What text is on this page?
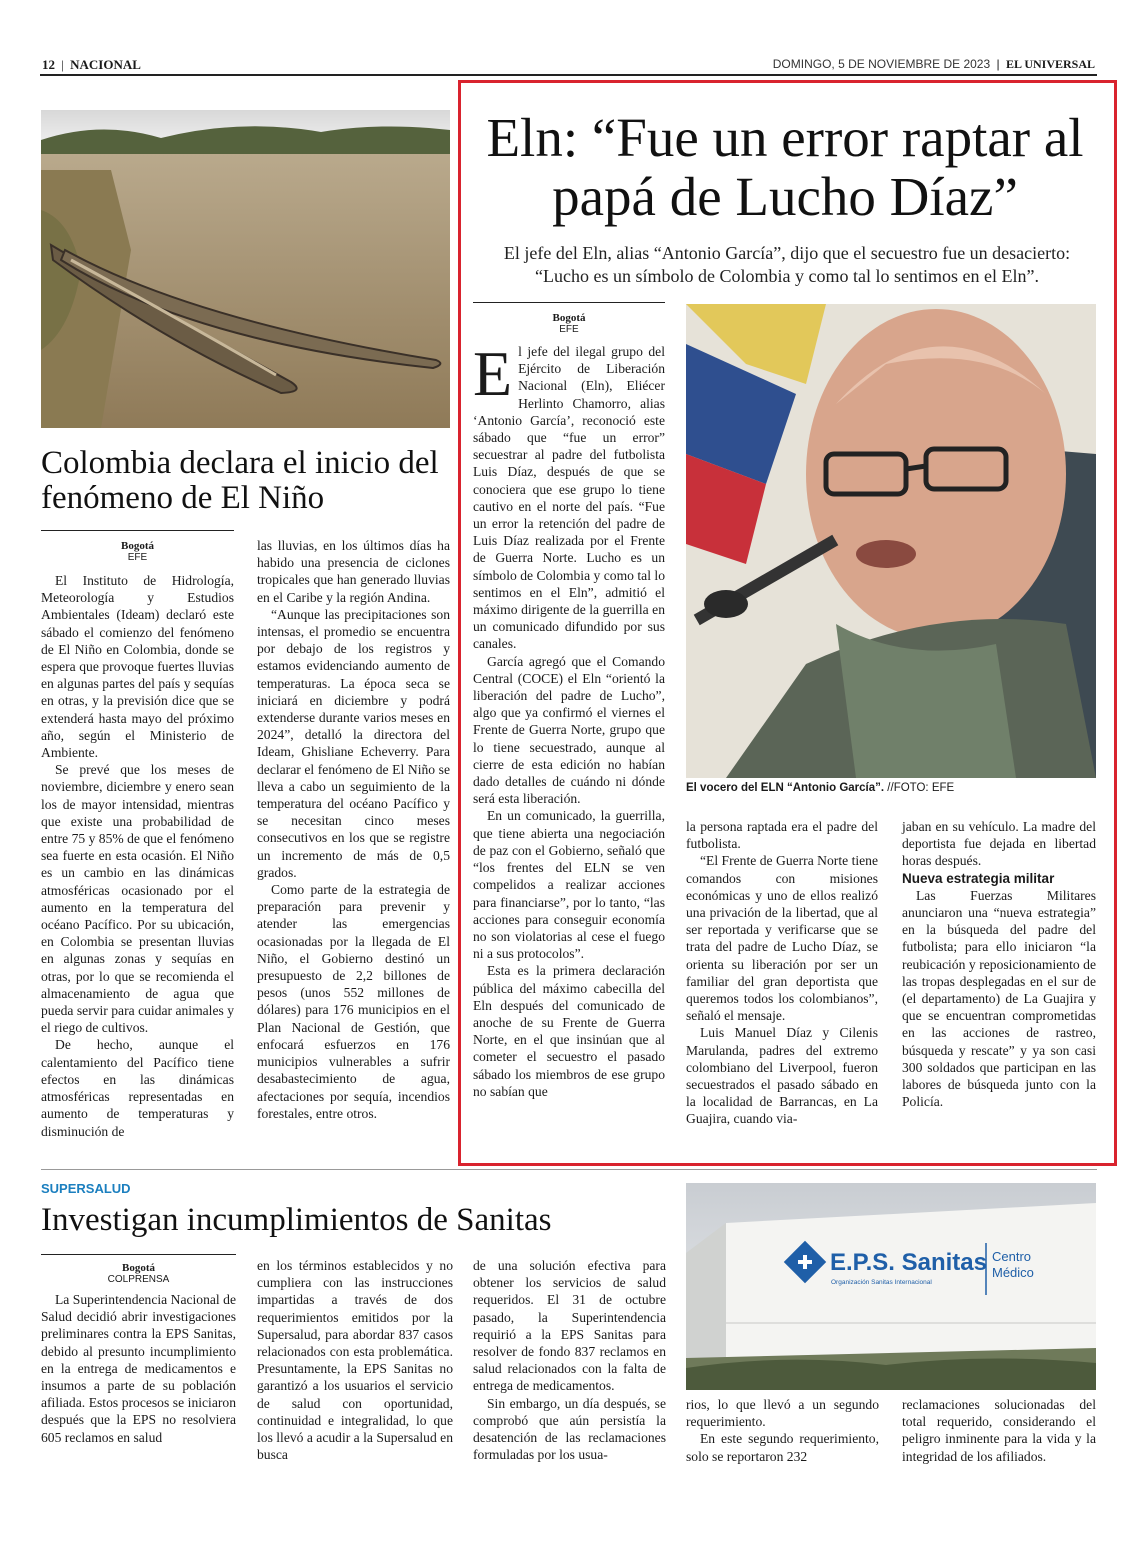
12 | NACIONAL	DOMINGO, 5 DE NOVIEMBRE DE 2023 | EL UNIVERSAL
Colombia declara el inicio del fenómeno de El Niño
Bogotá
EFE

El Instituto de Hidrología, Meteorología y Estudios Ambientales (Ideam) declaró este sábado el comienzo del fenómeno de El Niño en Colombia, donde se espera que provoque fuertes lluvias en algunas partes del país y sequías en otras, y la previsión dice que se extenderá hasta mayo del próximo año, según el Ministerio de Ambiente.

Se prevé que los meses de noviembre, diciembre y enero sean los de mayor intensidad, mientras que existe una probabilidad de entre 75 y 85% de que el fenómeno sea fuerte en esta ocasión. El Niño es un cambio en las dinámicas atmosféricas ocasionado por el aumento en la temperatura del océano Pacífico. Por su ubicación, en Colombia se presentan lluvias en algunas zonas y sequías en otras, por lo que se recomienda el almacenamiento de agua que pueda servir para cuidar animales y el riego de cultivos.

De hecho, aunque el calentamiento del Pacífico tiene efectos en las dinámicas atmosféricas representadas en aumento de temperaturas y disminución de

las lluvias, en los últimos días ha habido una presencia de ciclones tropicales que han generado lluvias en el Caribe y la región Andina.

“Aunque las precipitaciones son intensas, el promedio se encuentra por debajo de los registros y estamos evidenciando aumento de temperaturas. La época seca se iniciará en diciembre y podrá extenderse durante varios meses en 2024”, detalló la directora del Ideam, Ghisliane Echeverry. Para declarar el fenómeno de El Niño se lleva a cabo un seguimiento de la temperatura del océano Pacífico y se necesitan cinco meses consecutivos en los que se registre un incremento de más de 0,5 grados.

Como parte de la estrategia de preparación para prevenir y atender las emergencias ocasionadas por la llegada de El Niño, el Gobierno destinó un presupuesto de 2,2 billones de pesos (unos 552 millones de dólares) para 176 municipios en el Plan Nacional de Gestión, que enfocará esfuerzos en 176 municipios vulnerables a sufrir desabastecimiento de agua, afectaciones por sequía, incendios forestales, entre otros.

Eln: “Fue un error raptar al papá de Lucho Díaz”
El jefe del Eln, alias “Antonio García”, dijo que el secuestro fue un desacierto: “Lucho es un símbolo de Colombia y como tal lo sentimos en el Eln”.
Bogotá
EFE

El jefe del ilegal grupo del Ejército de Liberación Nacional (Eln), Eliécer Herlinto Chamorro, alias ‘Antonio García’, reconoció este sábado que “fue un error” secuestrar al padre del futbolista Luis Díaz, después de que se conociera que ese grupo lo tiene cautivo en el norte del país. “Fue un error la retención del padre de Luis Díaz realizada por el Frente de Guerra Norte. Lucho es un símbolo de Colombia y como tal lo sentimos en el Eln”, admitió el máximo dirigente de la guerrilla en un comunicado difundido por sus canales.

García agregó que el Comando Central (COCE) el Eln “orientó la liberación del padre de Lucho”, algo que ya confirmó el viernes el Frente de Guerra Norte, grupo que lo tiene secuestrado, aunque al cierre de esta edición no habían dado detalles de cuándo ni dónde será esta liberación.

En un comunicado, la guerrilla, que tiene abierta una negociación de paz con el Gobierno, señaló que “los frentes del ELN se ven compelidos a realizar acciones para financiarse”, por lo tanto, “las acciones para conseguir economía no son violatorias al cese el fuego ni a sus protocolos”.

Esta es la primera declaración pública del máximo cabecilla del Eln después del comunicado de anoche de su Frente de Guerra Norte, en el que insinúan que al cometer el secuestro el pasado sábado los miembros de ese grupo no sabían que

El vocero del ELN “Antonio García”. //FOTO: EFE

la persona raptada era el padre del futbolista.

“El Frente de Guerra Norte tiene comandos con misiones económicas y uno de ellos realizó una privación de la libertad, que al ser reportada y verificarse que se trata del padre de Lucho Díaz, se orienta su liberación por ser un familiar del gran deportista que queremos todos los colombianos”, señaló el mensaje.

Luis Manuel Díaz y Cilenis Marulanda, padres del extremo colombiano del Liverpool, fueron secuestrados el pasado sábado en la localidad de Barrancas, en La Guajira, cuando via-

jaban en su vehículo. La madre del deportista fue dejada en libertad horas después.

Nueva estrategia militar

Las Fuerzas Militares anunciaron una “nueva estrategia” en la búsqueda del padre del futbolista; para ello iniciaron “la reubicación y reposicionamiento de las tropas desplegadas en el sur de (el departamento) de La Guajira y que se encuentran comprometidas en las acciones de rastreo, búsqueda y rescate” y ya son casi 300 soldados que participan en las labores de búsqueda junto con la Policía.

SUPERSALUD
Investigan incumplimientos de Sanitas
Bogotá
COLPRENSA

La Superintendencia Nacional de Salud decidió abrir investigaciones preliminares contra la EPS Sanitas, debido al presunto incumplimiento en la entrega de medicamentos e insumos a parte de su población afiliada. Estos procesos se iniciaron después que la EPS no resolviera 605 reclamos en salud

en los términos establecidos y no cumpliera con las instrucciones impartidas a través de dos requerimientos emitidos por la Supersalud, para abordar 837 casos relacionados con esta problemática. Presuntamente, la EPS Sanitas no garantizó a los usuarios el servicio de salud con oportunidad, continuidad e integralidad, lo que los llevó a acudir a la Supersalud en busca

de una solución efectiva para obtener los servicios de salud requeridos. El 31 de octubre pasado, la Superintendencia requirió a la EPS Sanitas para resolver de fondo 837 reclamos en salud relacionados con la falta de entrega de medicamentos.

Sin embargo, un día después, se comprobó que aún persistía la desatención de las reclamaciones formuladas por los usua-

E.P.S. Sanitas
Organización Sanitas Internacional
Centro
Médico

rios, lo que llevó a un segundo requerimiento.

En este segundo requerimiento, solo se reportaron 232

reclamaciones solucionadas del total requerido, considerando el peligro inminente para la vida y la integridad de los afiliados.
